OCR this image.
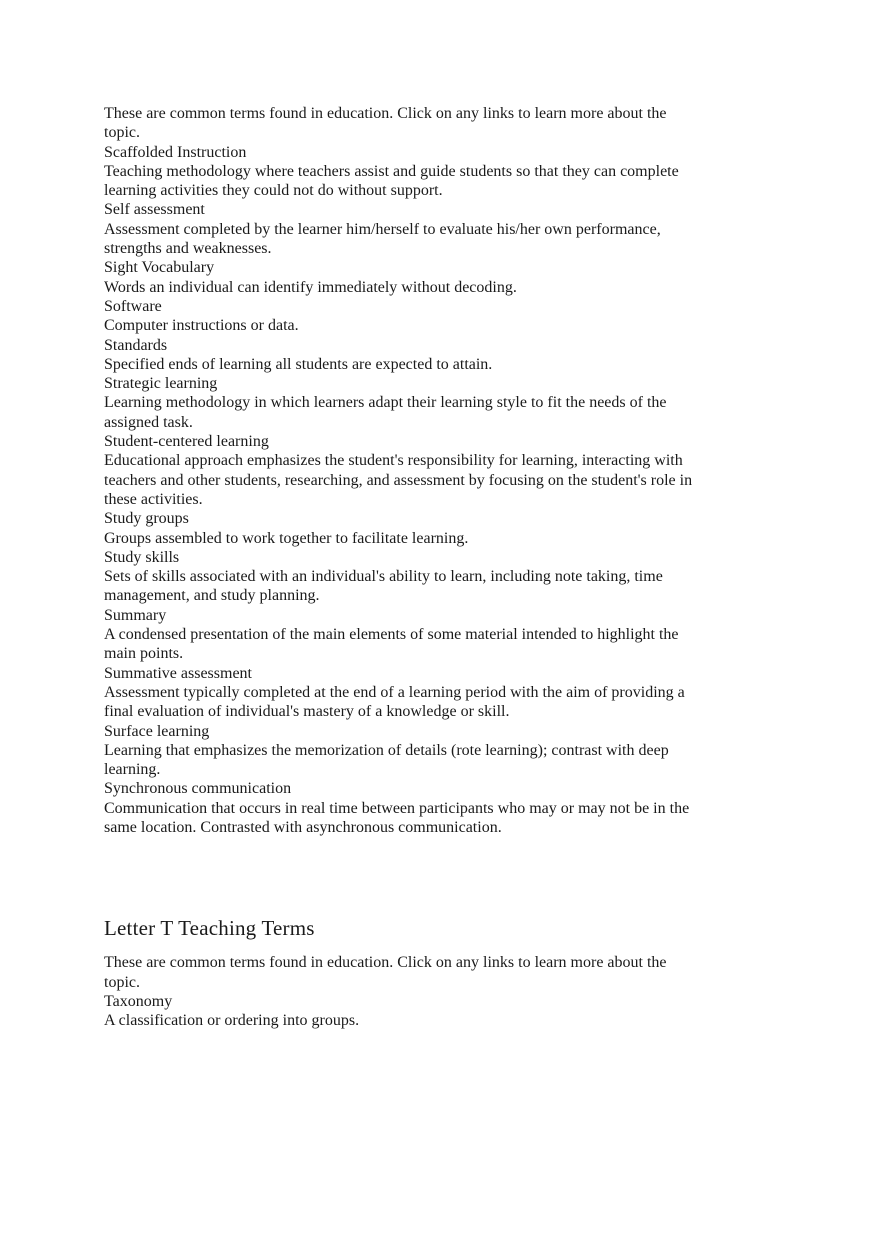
These are common terms found in education. Click on any links to learn more about the topic.

Scaffolded Instruction

Teaching methodology where teachers assist and guide students so that they can complete learning activities they could not do without support.

Self assessment

Assessment completed by the learner him/herself to evaluate his/her own performance, strengths and weaknesses.

Sight Vocabulary

Words an individual can identify immediately without decoding.

Software

Computer instructions or data.

Standards

Specified ends of learning all students are expected to attain.

Strategic learning

Learning methodology in which learners adapt their learning style to fit the needs of the assigned task.

Student-centered learning

Educational approach emphasizes the student's responsibility for learning, interacting with teachers and other students, researching, and assessment by focusing on the student's role in these activities.

Study groups

Groups assembled to work together to facilitate learning.

Study skills

Sets of skills associated with an individual's ability to learn, including note taking, time management, and study planning.

Summary

A condensed presentation of the main elements of some material intended to highlight the main points.

Summative assessment

Assessment typically completed at the end of a learning period with the aim of providing a final evaluation of individual's mastery of a knowledge or skill.

Surface learning

Learning that emphasizes the memorization of details (rote learning); contrast with deep learning.

Synchronous communication

Communication that occurs in real time between participants who may or may not be in the same location. Contrasted with asynchronous communication.

Letter T Teaching Terms

These are common terms found in education. Click on any links to learn more about the topic.

Taxonomy

A classification or ordering into groups.
